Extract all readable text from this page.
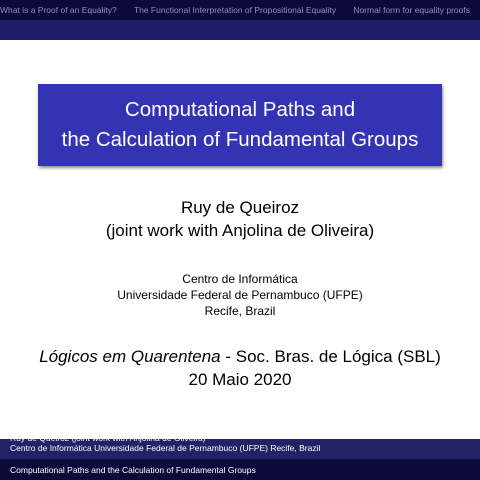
What is a Proof of an Equality? The Functional Interpretation of Propositional Equality Normal form for equality proofs
Computational Paths and
the Calculation of Fundamental Groups
Ruy de Queiroz
(joint work with Anjolina de Oliveira)
Centro de Informática
Universidade Federal de Pernambuco (UFPE)
Recife, Brazil
Lógicos em Quarentena - Soc. Bras. de Lógica (SBL)
20 Maio 2020
Ruy de Queiroz (joint work with Anjolina de Oliveira)
Centro de Informática Universidade Federal de Pernambuco (UFPE) Recife, Brazil
Computational Paths and the Calculation of Fundamental Groups
